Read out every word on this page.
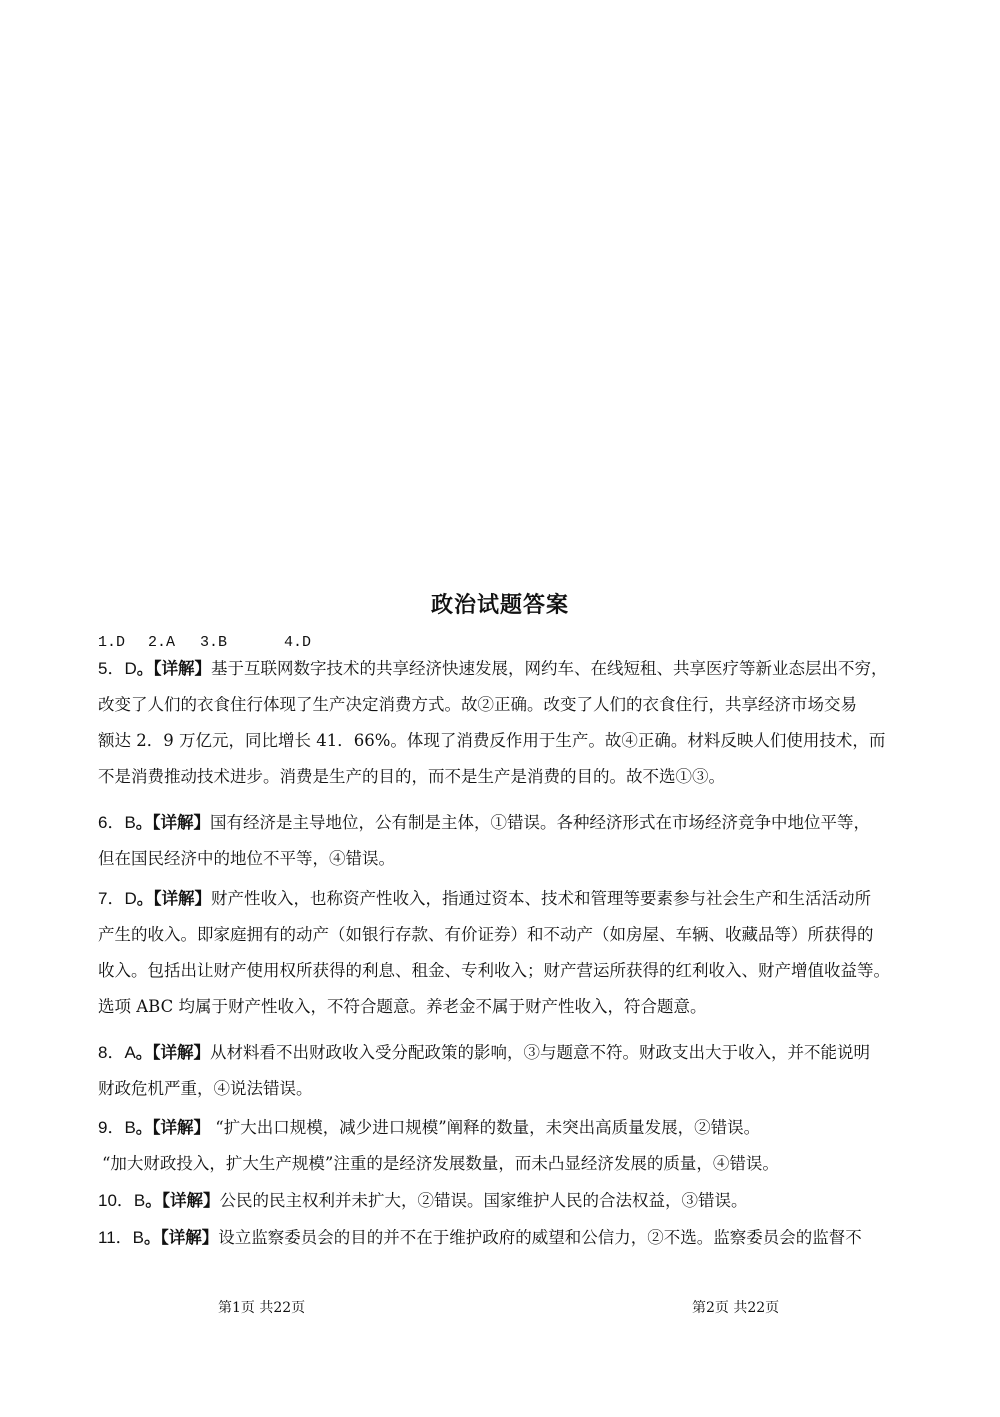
政治试题答案
1.D 2.A 3.B	4.D

5．D。【详解】基于互联网数字技术的共享经济快速发展，网约车、在线短租、共享医疗等新业态层出不穷，

改变了人们的衣食住行体现了生产决定消费方式。故②正确。改变了人们的衣食住行，共享经济市场交易

额达 2．9 万亿元，同比增长 41．66%。体现了消费反作用于生产。故④正确。材料反映人们使用技术，而

不是消费推动技术进步。消费是生产的目的，而不是生产是消费的目的。故不选①③。

6．B。【详解】国有经济是主导地位，公有制是主体，①错误。各种经济形式在市场经济竞争中地位平等，

但在国民经济中的地位不平等，④错误。

7．D。【详解】财产性收入，也称资产性收入，指通过资本、技术和管理等要素参与社会生产和生活活动所

产生的收入。即家庭拥有的动产（如银行存款、有价证券）和不动产（如房屋、车辆、收藏品等）所获得的

收入。包括出让财产使用权所获得的利息、租金、专利收入；财产营运所获得的红利收入、财产增值收益等。

选项 ABC 均属于财产性收入，不符合题意。养老金不属于财产性收入，符合题意。

8．A。【详解】从材料看不出财政收入受分配政策的影响，③与题意不符。财政支出大于收入，并不能说明

财政危机严重，④说法错误。

9．B。【详解】 “扩大出口规模，减少进口规模”阐释的数量，未突出高质量发展，②错误。

“加大财政投入，扩大生产规模”注重的是经济发展数量，而未凸显经济发展的质量，④错误。

10．B。【详解】公民的民主权利并未扩大，②错误。国家维护人民的合法权益，③错误。

11．B。【详解】设立监察委员会的目的并不在于维护政府的威望和公信力，②不选。监察委员会的监督不

第1页 共22页	第2页 共22页
